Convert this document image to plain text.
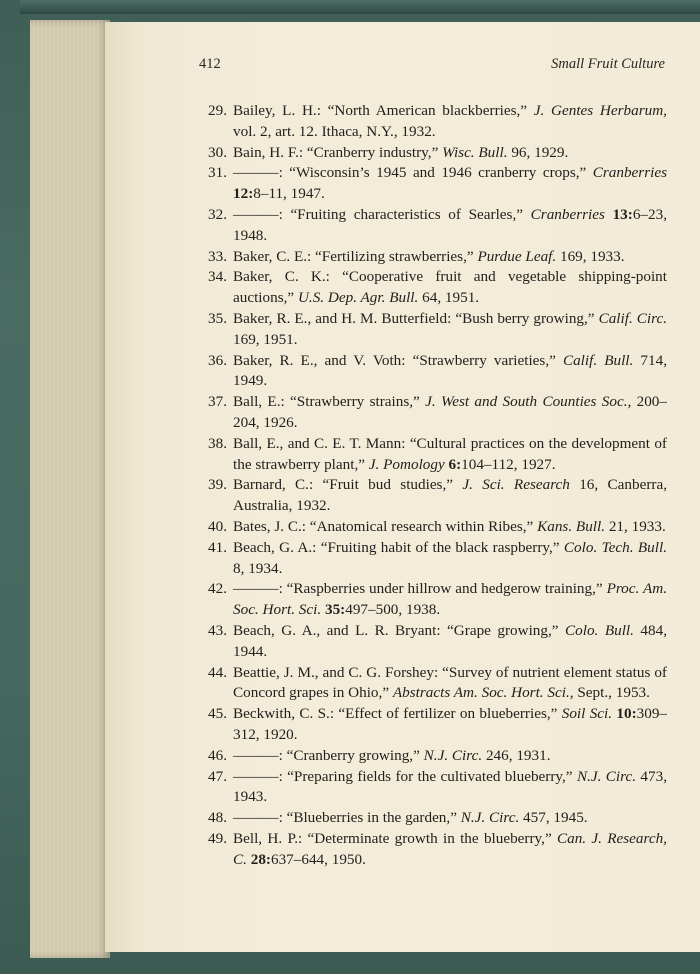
412	Small Fruit Culture
29. Bailey, L. H.: “North American blackberries,” J. Gentes Herbarum, vol. 2, art. 12. Ithaca, N.Y., 1932.
30. Bain, H. F.: “Cranberry industry,” Wisc. Bull. 96, 1929.
31. ———: “Wisconsin’s 1945 and 1946 cranberry crops,” Cranberries 12:8–11, 1947.
32. ———: “Fruiting characteristics of Searles,” Cranberries 13:6–23, 1948.
33. Baker, C. E.: “Fertilizing strawberries,” Purdue Leaf. 169, 1933.
34. Baker, C. K.: “Cooperative fruit and vegetable shipping-point auctions,” U.S. Dep. Agr. Bull. 64, 1951.
35. Baker, R. E., and H. M. Butterfield: “Bush berry growing,” Calif. Circ. 169, 1951.
36. Baker, R. E., and V. Voth: “Strawberry varieties,” Calif. Bull. 714, 1949.
37. Ball, E.: “Strawberry strains,” J. West and South Counties Soc., 200–204, 1926.
38. Ball, E., and C. E. T. Mann: “Cultural practices on the development of the strawberry plant,” J. Pomology 6:104–112, 1927.
39. Barnard, C.: “Fruit bud studies,” J. Sci. Research 16, Canberra, Australia, 1932.
40. Bates, J. C.: “Anatomical research within Ribes,” Kans. Bull. 21, 1933.
41. Beach, G. A.: “Fruiting habit of the black raspberry,” Colo. Tech. Bull. 8, 1934.
42. ———: “Raspberries under hillrow and hedgerow training,” Proc. Am. Soc. Hort. Sci. 35:497–500, 1938.
43. Beach, G. A., and L. R. Bryant: “Grape growing,” Colo. Bull. 484, 1944.
44. Beattie, J. M., and C. G. Forshey: “Survey of nutrient element status of Concord grapes in Ohio,” Abstracts Am. Soc. Hort. Sci., Sept., 1953.
45. Beckwith, C. S.: “Effect of fertilizer on blueberries,” Soil Sci. 10:309–312, 1920.
46. ———: “Cranberry growing,” N.J. Circ. 246, 1931.
47. ———: “Preparing fields for the cultivated blueberry,” N.J. Circ. 473, 1943.
48. ———: “Blueberries in the garden,” N.J. Circ. 457, 1945.
49. Bell, H. P.: “Determinate growth in the blueberry,” Can. J. Research, C. 28:637–644, 1950.
